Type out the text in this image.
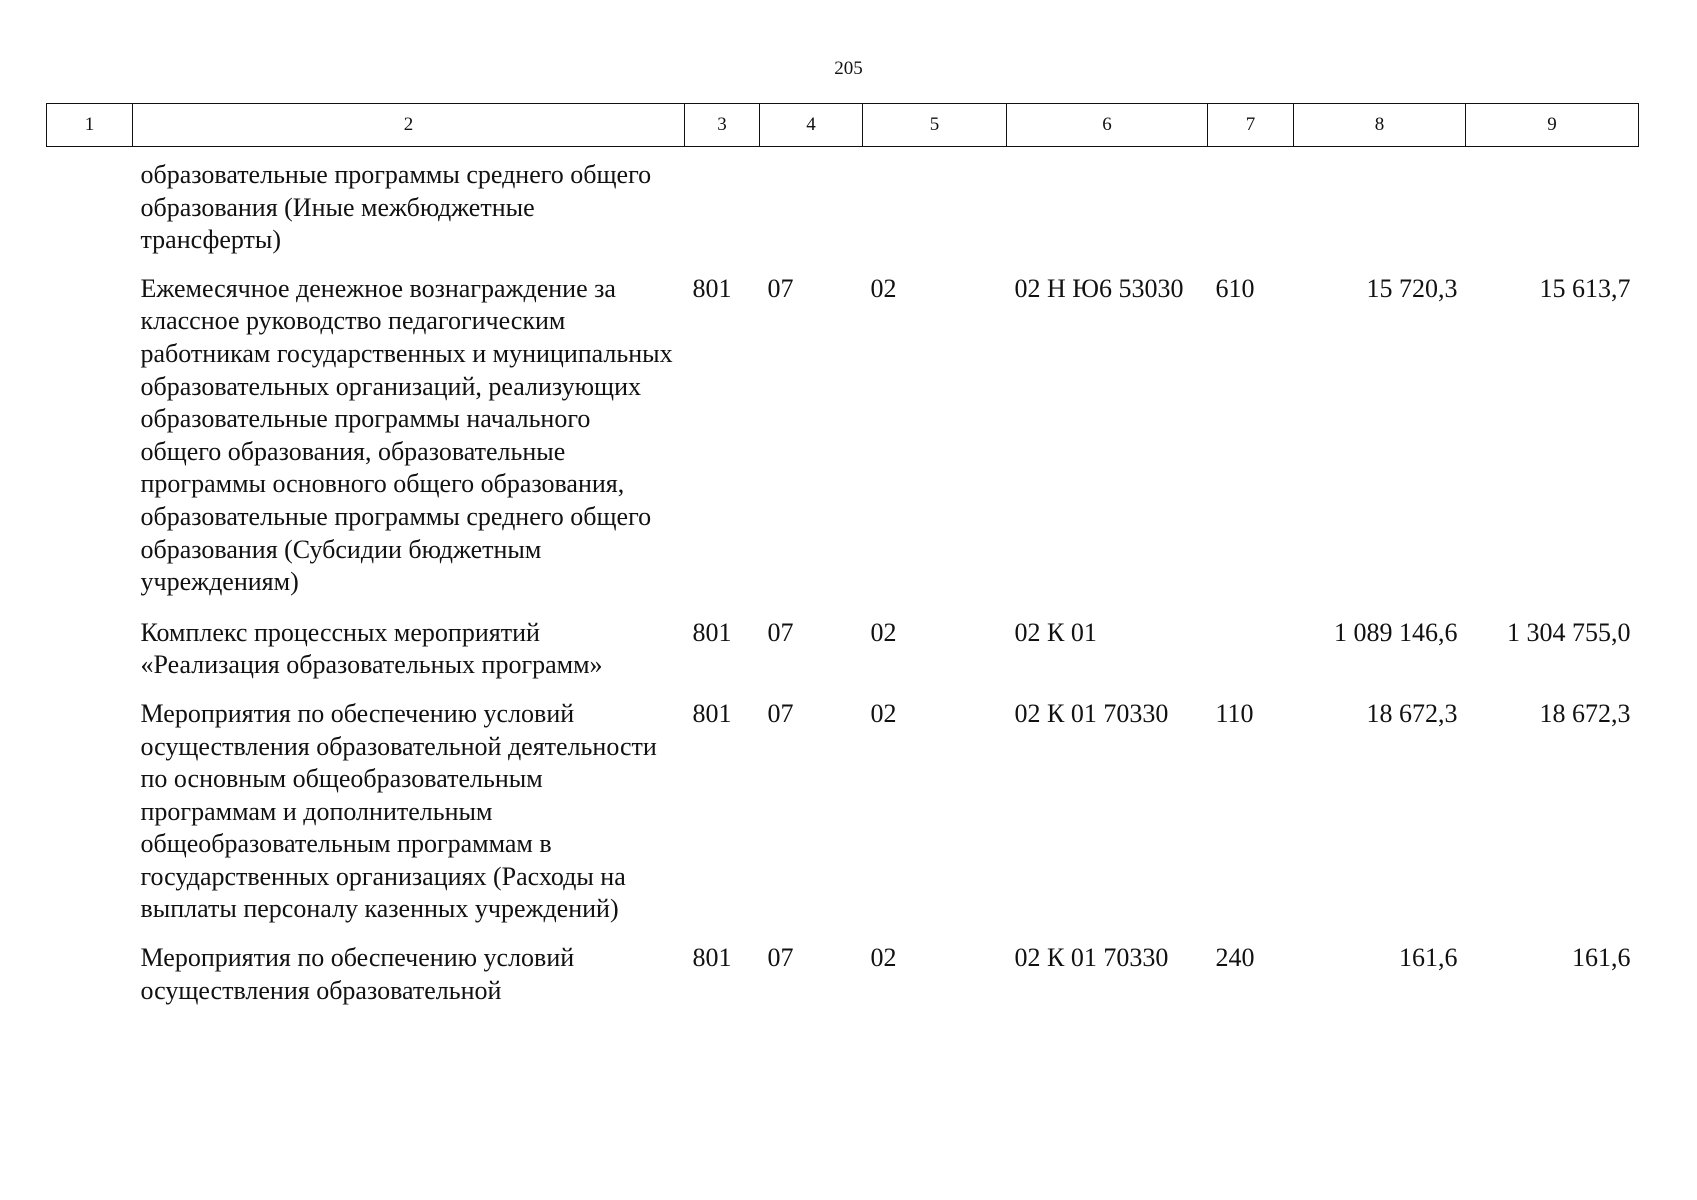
205
1	2	3	4	5	6	7	8	9
	образовательные программы среднего общего образования (Иные межбюджетные трансферты)							
	Ежемесячное денежное вознаграждение за классное руководство педагогическим работникам государственных и муниципальных образовательных организаций, реализующих образовательные программы начального общего образования, образовательные программы основного общего образования, образовательные программы среднего общего образования (Субсидии бюджетным учреждениям)	801	07	02	02 Н Ю6 53030	610	15 720,3	15 613,7
	Комплекс процессных мероприятий «Реализация образовательных программ»	801	07	02	02 К 01		1 089 146,6	1 304 755,0
	Мероприятия по обеспечению условий осуществления образовательной деятельности по основным общеобразовательным программам и дополнительным общеобразовательным программам в государственных организациях (Расходы на выплаты персоналу казенных учреждений)	801	07	02	02 К 01 70330	110	18 672,3	18 672,3
	Мероприятия по обеспечению условий осуществления образовательной	801	07	02	02 К 01 70330	240	161,6	161,6
